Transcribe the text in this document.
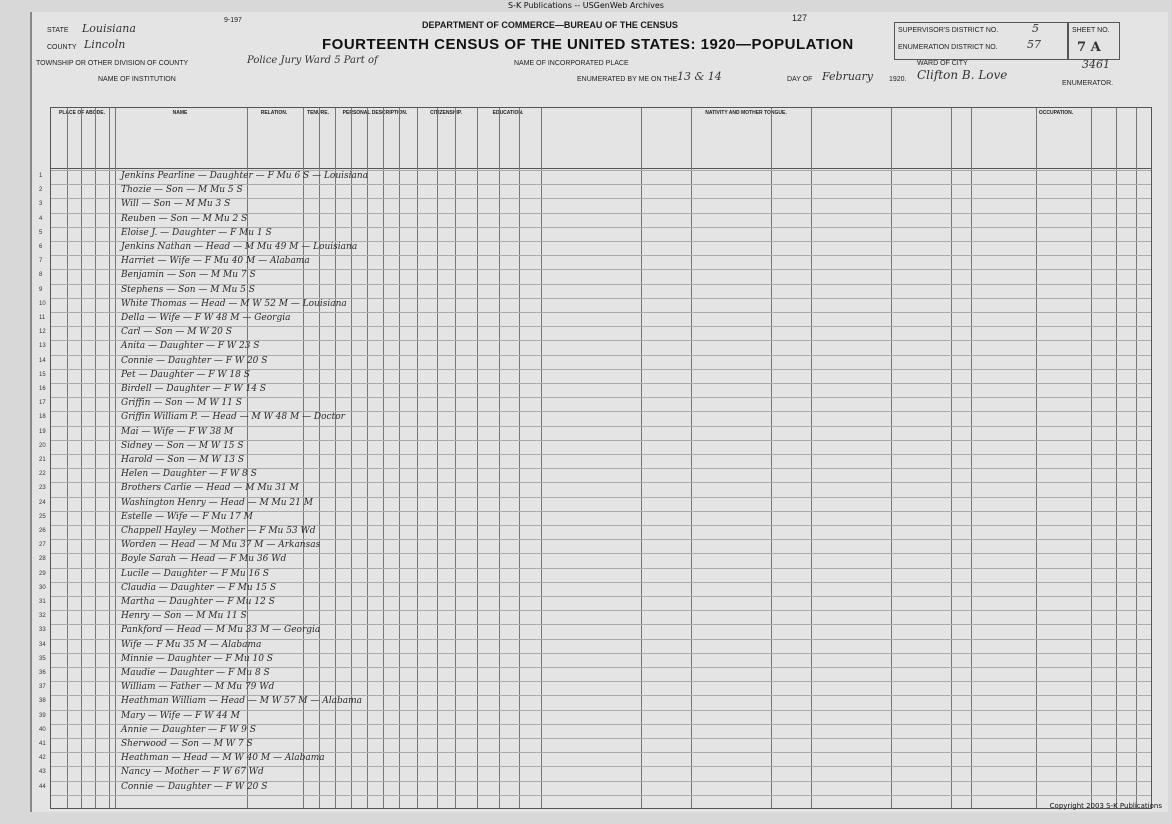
S-K Publications -- USGenWeb Archives
9-197	127
DEPARTMENT OF COMMERCE—BUREAU OF THE CENSUS
FOURTEENTH CENSUS OF THE UNITED STATES: 1920—POPULATION
STATE Louisiana
COUNTY Lincoln
TOWNSHIP OR OTHER DIVISION OF COUNTY	Police Jury Ward 5 Part of
NAME OF INSTITUTION
NAME OF INCORPORATED PLACE
ENUMERATED BY ME ON THE 13 & 14	DAY OF February 1920. Clifton B. Love
ENUMERATOR.
SUPERVISOR'S DISTRICT NO.	5
ENUMERATION DISTRICT NO.	57
SHEET NO.
7 A
WARD OF CITY	3461
PLACE OF ABODE.	NAME	RELATION.	TENURE.	PERSONAL DESCRIPTION.	CITIZENSHIP.	EDUCATION.	NATIVITY AND MOTHER TONGUE.	OCCUPATION.
1	Jenkins Pearline — Daughter — F Mu 6 S — Louisiana
2	Thozie — Son — M Mu 5 S
3	Will — Son — M Mu 3 S
4	Reuben — Son — M Mu 2 S
5	Eloise J. — Daughter — F Mu 1 S
6	Jenkins Nathan — Head — M Mu 49 M — Louisiana
7	Harriet — Wife — F Mu 40 M — Alabama
8	Benjamin — Son — M Mu 7 S
9	Stephens — Son — M Mu 5 S
10	White Thomas — Head — M W 52 M — Louisiana
11	Della — Wife — F W 48 M — Georgia
12	Carl — Son — M W 20 S
13	Anita — Daughter — F W 23 S
14	Connie — Daughter — F W 20 S
15	Pet — Daughter — F W 18 S
16	Birdell — Daughter — F W 14 S
17	Griffin — Son — M W 11 S
18	Griffin William P. — Head — M W 48 M — Doctor
19	Mai — Wife — F W 38 M
20	Sidney — Son — M W 15 S
21	Harold — Son — M W 13 S
22	Helen — Daughter — F W 8 S
23	Brothers Carlie — Head — M Mu 31 M
24	Washington Henry — Head — M Mu 21 M
25	Estelle — Wife — F Mu 17 M
26	Chappell Hayley — Mother — F Mu 53 Wd
27	Worden — Head — M Mu 37 M — Arkansas
28	Boyle Sarah — Head — F Mu 36 Wd
29	Lucile — Daughter — F Mu 16 S
30	Claudia — Daughter — F Mu 15 S
31	Martha — Daughter — F Mu 12 S
32	Henry — Son — M Mu 11 S
33	Pankford — Head — M Mu 33 M — Georgia
34	Wife — F Mu 35 M — Alabama
35	Minnie — Daughter — F Mu 10 S
36	Maudie — Daughter — F Mu 8 S
37	William — Father — M Mu 79 Wd
38	Heathman William — Head — M W 57 M — Alabama
39	Mary — Wife — F W 44 M
40	Annie — Daughter — F W 9 S
41	Sherwood — Son — M W 7 S
42	Heathman — Head — M W 40 M — Alabama
43	Nancy — Mother — F W 67 Wd
44	Connie — Daughter — F W 20 S
Copyright 2003 S-K Publications
